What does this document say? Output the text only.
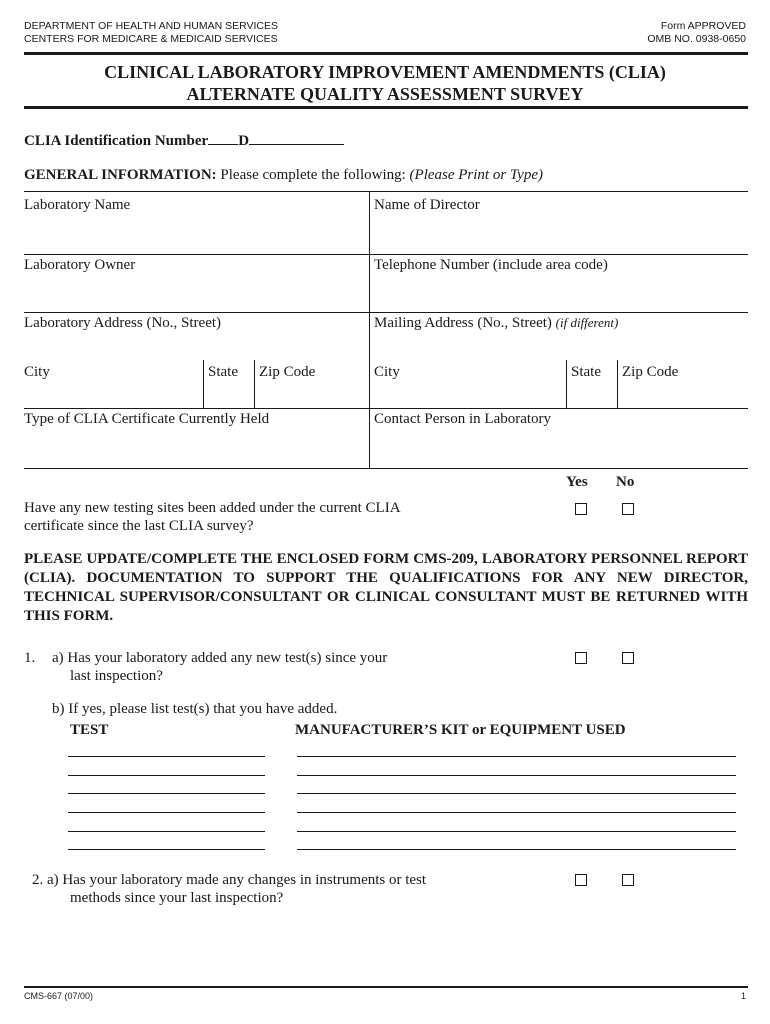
DEPARTMENT OF HEALTH AND HUMAN SERVICES
CENTERS FOR MEDICARE & MEDICAID SERVICES
Form APPROVED
OMB NO. 0938-0650
CLINICAL LABORATORY IMPROVEMENT AMENDMENTS (CLIA)
ALTERNATE QUALITY ASSESSMENT SURVEY
CLIA Identification Number D
GENERAL INFORMATION: Please complete the following: (Please Print or Type)
Laboratory Name	Name of Director
Laboratory Owner	Telephone Number (include area code)
Laboratory Address (No., Street)	Mailing Address (No., Street) (if different)
City	State Zip Code	City	State Zip Code
Type of CLIA Certificate Currently Held	Contact Person in Laboratory
Yes No
Have any new testing sites been added under the current CLIA
certificate since the last CLIA survey?
PLEASE UPDATE/COMPLETE THE ENCLOSED FORM CMS-209, LABORATORY PERSONNEL REPORT (CLIA). DOCUMENTATION TO SUPPORT THE QUALIFICATIONS FOR ANY NEW DIRECTOR, TECHNICAL SUPERVISOR/CONSULTANT OR CLINICAL CONSULTANT MUST BE RETURNED WITH THIS FORM.
1. a) Has your laboratory added any new test(s) since your
last inspection?
b) If yes, please list test(s) that you have added.
TEST	MANUFACTURER’S KIT or EQUIPMENT USED
2. a) Has your laboratory made any changes in instruments or test
methods since your last inspection?
CMS-667 (07/00)	1
